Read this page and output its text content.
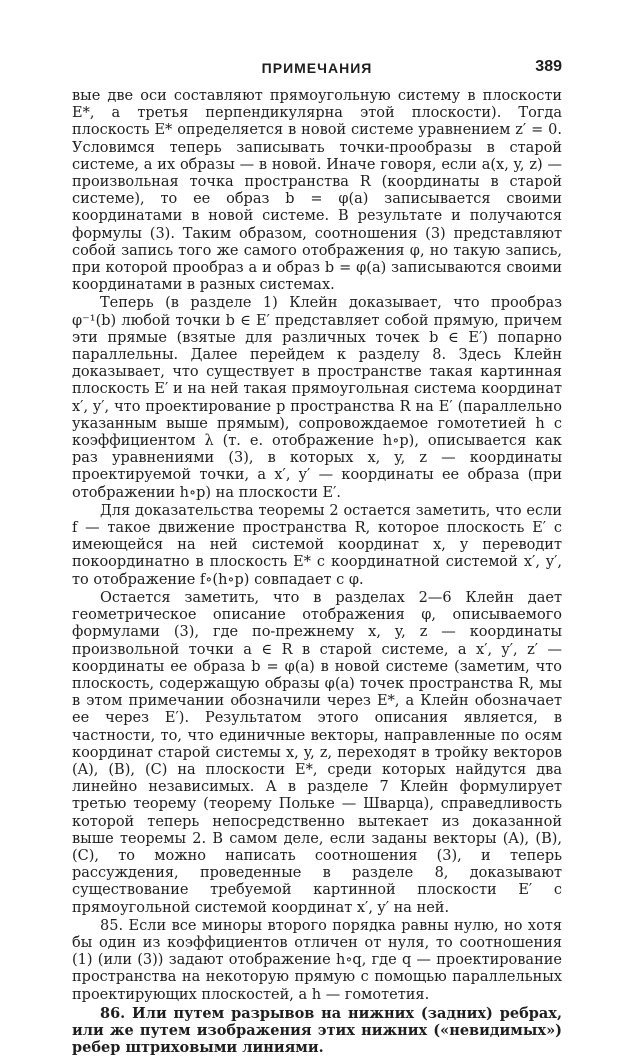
ПРИМЕЧАНИЯ	389

вые две оси составляют прямоугольную систему в плоскости E*, а третья перпендикулярна этой плоскости). Тогда плоскость E* определяется в новой системе уравнением z′ = 0. Условимся теперь записывать точки-прообразы в старой системе, а их образы — в новой. Иначе говоря, если a(x, y, z) — произвольная точка пространства R (координаты в старой системе), то ее образ b = φ(a) записывается своими координатами в новой системе. В результате и получаются формулы (3). Таким образом, соотношения (3) представляют собой запись того же самого отображения φ, но такую запись, при которой прообраз a и образ b = φ(a) записываются своими координатами в разных системах.

Теперь (в разделе 1) Клейн доказывает, что прообраз φ⁻¹(b) любой точки b ∈ E′ представляет собой прямую, причем эти прямые (взятые для различных точек b ∈ E′) попарно параллельны. Далее перейдем к разделу 8. Здесь Клейн доказывает, что существует в пространстве такая картинная плоскость E′ и на ней такая прямоугольная система координат x′, y′, что проектирование p пространства R на E′ (параллельно указанным выше прямым), сопровождаемое гомотетией h с коэффициентом λ (т. е. отображение h∘p), описывается как раз уравнениями (3), в которых x, y, z — координаты проектируемой точки, а x′, y′ — координаты ее образа (при отображении h∘p) на плоскости E′.

Для доказательства теоремы 2 остается заметить, что если f — такое движение пространства R, которое плоскость E′ с имеющейся на ней системой координат x, y переводит покоординатно в плоскость E* с координатной системой x′, y′, то отображение f∘(h∘p) совпадает с φ.

Остается заметить, что в разделах 2—6 Клейн дает геометрическое описание отображения φ, описываемого формулами (3), где по-прежнему x, y, z — координаты произвольной точки a ∈ R в старой системе, а x′, y′, z′ — координаты ее образа b = φ(a) в новой системе (заметим, что плоскость, содержащую образы φ(a) точек пространства R, мы в этом примечании обозначили через E*, а Клейн обозначает ее через E′). Результатом этого описания является, в частности, то, что единичные векторы, направленные по осям координат старой системы x, y, z, переходят в тройку векторов (A), (B), (C) на плоскости E*, среди которых найдутся два линейно независимых. А в разделе 7 Клейн формулирует третью теорему (теорему Польке — Шварца), справедливость которой теперь непосредственно вытекает из доказанной выше теоремы 2. В самом деле, если заданы векторы (A), (B), (C), то можно написать соотношения (3), и теперь рассуждения, проведенные в разделе 8, доказывают существование требуемой картинной плоскости E′ с прямоугольной системой координат x′, y′ на ней.

85. Если все миноры второго порядка равны нулю, но хотя бы один из коэффициентов отличен от нуля, то соотношения (1) (или (3)) задают отображение h∘q, где q — проектирование пространства на некоторую прямую с помощью параллельных проектирующих плоскостей, а h — гомотетия.

86. Или путем разрывов на нижних (задних) ребрах, или же путем изображения этих нижних («невидимых») ребер штриховыми линиями.
